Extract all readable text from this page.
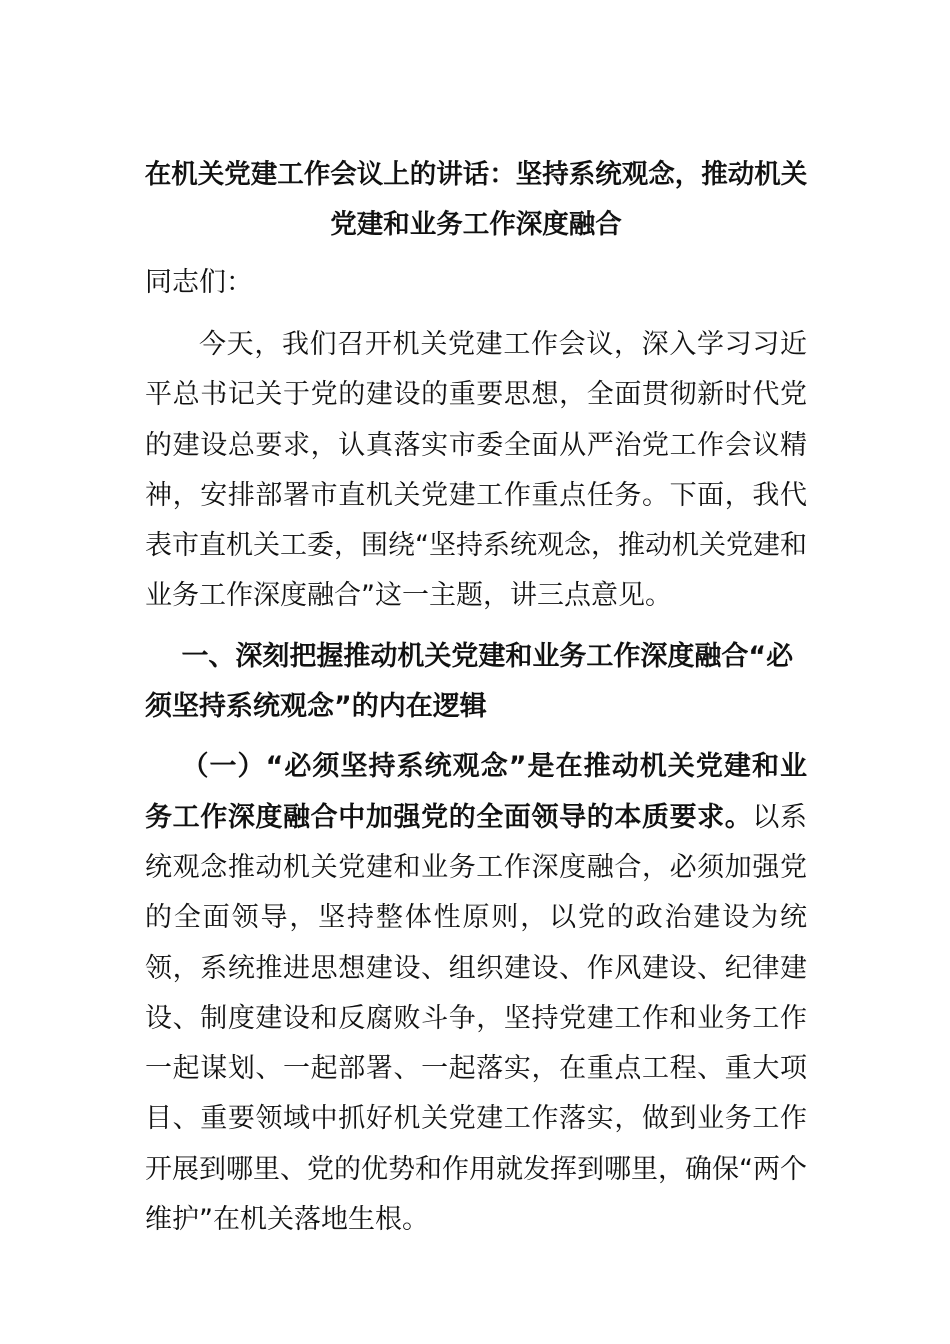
在机关党建工作会议上的讲话：坚持系统观念，推动机关
党建和业务工作深度融合
同志们：

今天，我们召开机关党建工作会议，深入学习习近平总书记关于党的建设的重要思想，全面贯彻新时代党的建设总要求，认真落实市委全面从严治党工作会议精神，安排部署市直机关党建工作重点任务。下面，我代表市直机关工委，围绕“坚持系统观念，推动机关党建和业务工作深度融合”这一主题，讲三点意见。

一、深刻把握推动机关党建和业务工作深度融合“必须坚持系统观念”的内在逻辑

（一）“必须坚持系统观念”是在推动机关党建和业务工作深度融合中加强党的全面领导的本质要求。以系统观念推动机关党建和业务工作深度融合，必须加强党的全面领导，坚持整体性原则，以党的政治建设为统领，系统推进思想建设、组织建设、作风建设、纪律建设、制度建设和反腐败斗争，坚持党建工作和业务工作一起谋划、一起部署、一起落实，在重点工程、重大项目、重要领域中抓好机关党建工作落实，做到业务工作开展到哪里、党的优势和作用就发挥到哪里，确保“两个维护”在机关落地生根。
